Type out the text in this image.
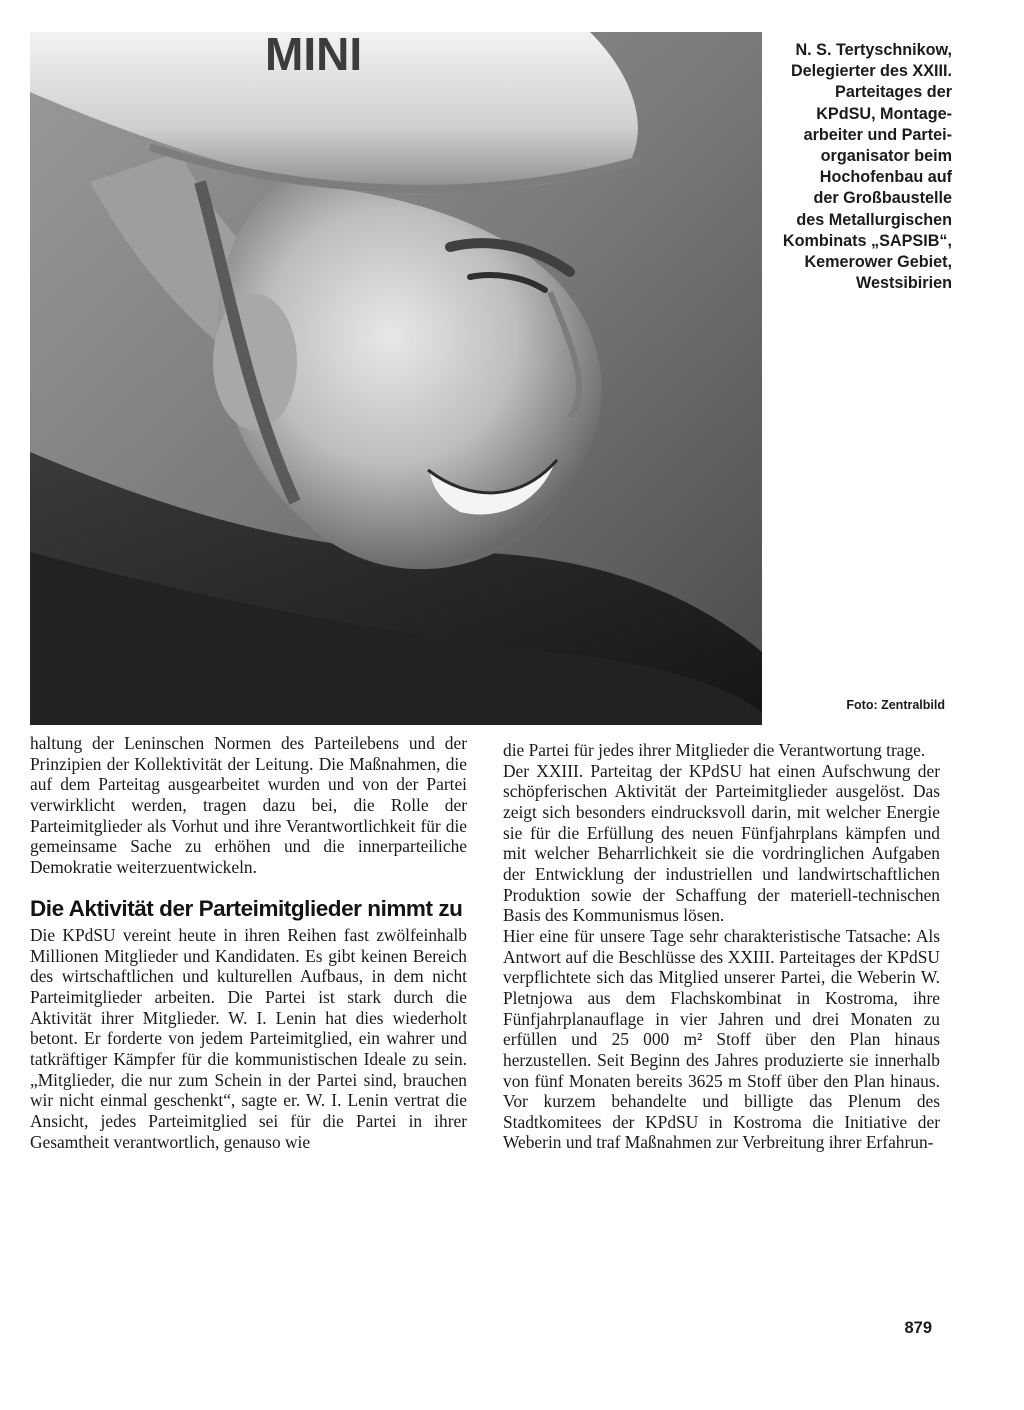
MINI	N. S. Tertyschnikow,
Delegierter des XXIII.
Parteitages der
KPdSU, Montage-
arbeiter und Partei-
organisator beim
Hochofenbau auf
der Großbaustelle
des Metallurgischen
Kombinats „SAPSIB“,
Kemerower Gebiet,
Westsibirien
Foto: Zentralbild

haltung der Leninschen Normen des Parteilebens und der Prinzipien der Kollektivität der Leitung. Die Maßnahmen, die auf dem Parteitag ausgearbeitet wurden und von der Partei verwirklicht werden, tragen dazu bei, die Rolle der Parteimitglieder als Vorhut und ihre Verantwortlichkeit für die gemeinsame Sache zu erhöhen und die innerparteiliche Demokratie weiterzuentwickeln.

Die Aktivität der Parteimitglieder nimmt zu

Die KPdSU vereint heute in ihren Reihen fast zwölfeinhalb Millionen Mitglieder und Kandidaten. Es gibt keinen Bereich des wirtschaftlichen und kulturellen Aufbaus, in dem nicht Parteimitglieder arbeiten. Die Partei ist stark durch die Aktivität ihrer Mitglieder. W. I. Lenin hat dies wiederholt betont. Er forderte von jedem Parteimitglied, ein wahrer und tatkräftiger Kämpfer für die kommunistischen Ideale zu sein. „Mitglieder, die nur zum Schein in der Partei sind, brauchen wir nicht einmal geschenkt“, sagte er. W. I. Lenin vertrat die Ansicht, jedes Parteimitglied sei für die Partei in ihrer Gesamtheit verantwortlich, genauso wie

die Partei für jedes ihrer Mitglieder die Verantwortung trage.

Der XXIII. Parteitag der KPdSU hat einen Aufschwung der schöpferischen Aktivität der Parteimitglieder ausgelöst. Das zeigt sich besonders eindrucksvoll darin, mit welcher Energie sie für die Erfüllung des neuen Fünfjahrplans kämpfen und mit welcher Beharrlichkeit sie die vordringlichen Aufgaben der Entwicklung der industriellen und landwirtschaftlichen Produktion sowie der Schaffung der materiell-technischen Basis des Kommunismus lösen.

Hier eine für unsere Tage sehr charakteristische Tatsache: Als Antwort auf die Beschlüsse des XXIII. Parteitages der KPdSU verpflichtete sich das Mitglied unserer Partei, die Weberin W. Pletnjowa aus dem Flachskombinat in Kostroma, ihre Fünfjahrplanauflage in vier Jahren und drei Monaten zu erfüllen und 25 000 m² Stoff über den Plan hinaus herzustellen. Seit Beginn des Jahres produzierte sie innerhalb von fünf Monaten bereits 3625 m Stoff über den Plan hinaus. Vor kurzem behandelte und billigte das Plenum des Stadtkomitees der KPdSU in Kostroma die Initiative der Weberin und traf Maßnahmen zur Verbreitung ihrer Erfahrun-

879
